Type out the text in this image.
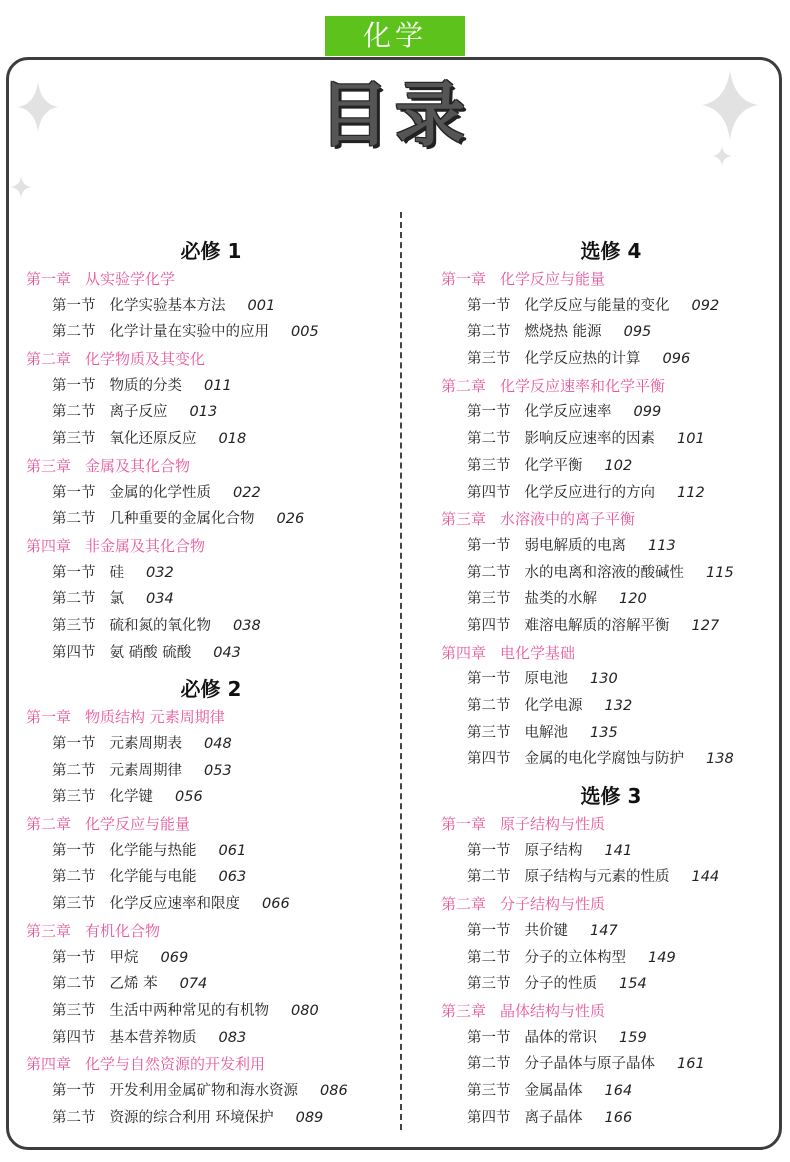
化学
目录
必修 1
第一章 从实验学化学
第一节 化学实验基本方法 001
第二节 化学计量在实验中的应用 005
第二章 化学物质及其变化
第一节 物质的分类 011
第二节 离子反应 013
第三节 氧化还原反应 018
第三章 金属及其化合物
第一节 金属的化学性质 022
第二节 几种重要的金属化合物 026
第四章 非金属及其化合物
第一节 硅 032
第二节 氯 034
第三节 硫和氮的氧化物 038
第四节 氨 硝酸 硫酸 043
必修 2
第一章 物质结构 元素周期律
第一节 元素周期表 048
第二节 元素周期律 053
第三节 化学键 056
第二章 化学反应与能量
第一节 化学能与热能 061
第二节 化学能与电能 063
第三节 化学反应速率和限度 066
第三章 有机化合物
第一节 甲烷 069
第二节 乙烯 苯 074
第三节 生活中两种常见的有机物 080
第四节 基本营养物质 083
第四章 化学与自然资源的开发利用
第一节 开发利用金属矿物和海水资源 086
第二节 资源的综合利用 环境保护 089
选修 4
第一章 化学反应与能量
第一节 化学反应与能量的变化 092
第二节 燃烧热 能源 095
第三节 化学反应热的计算 096
第二章 化学反应速率和化学平衡
第一节 化学反应速率 099
第二节 影响反应速率的因素 101
第三节 化学平衡 102
第四节 化学反应进行的方向 112
第三章 水溶液中的离子平衡
第一节 弱电解质的电离 113
第二节 水的电离和溶液的酸碱性 115
第三节 盐类的水解 120
第四节 难溶电解质的溶解平衡 127
第四章 电化学基础
第一节 原电池 130
第二节 化学电源 132
第三节 电解池 135
第四节 金属的电化学腐蚀与防护 138
选修 3
第一章 原子结构与性质
第一节 原子结构 141
第二节 原子结构与元素的性质 144
第二章 分子结构与性质
第一节 共价键 147
第二节 分子的立体构型 149
第三节 分子的性质 154
第三章 晶体结构与性质
第一节 晶体的常识 159
第二节 分子晶体与原子晶体 161
第三节 金属晶体 164
第四节 离子晶体 166
